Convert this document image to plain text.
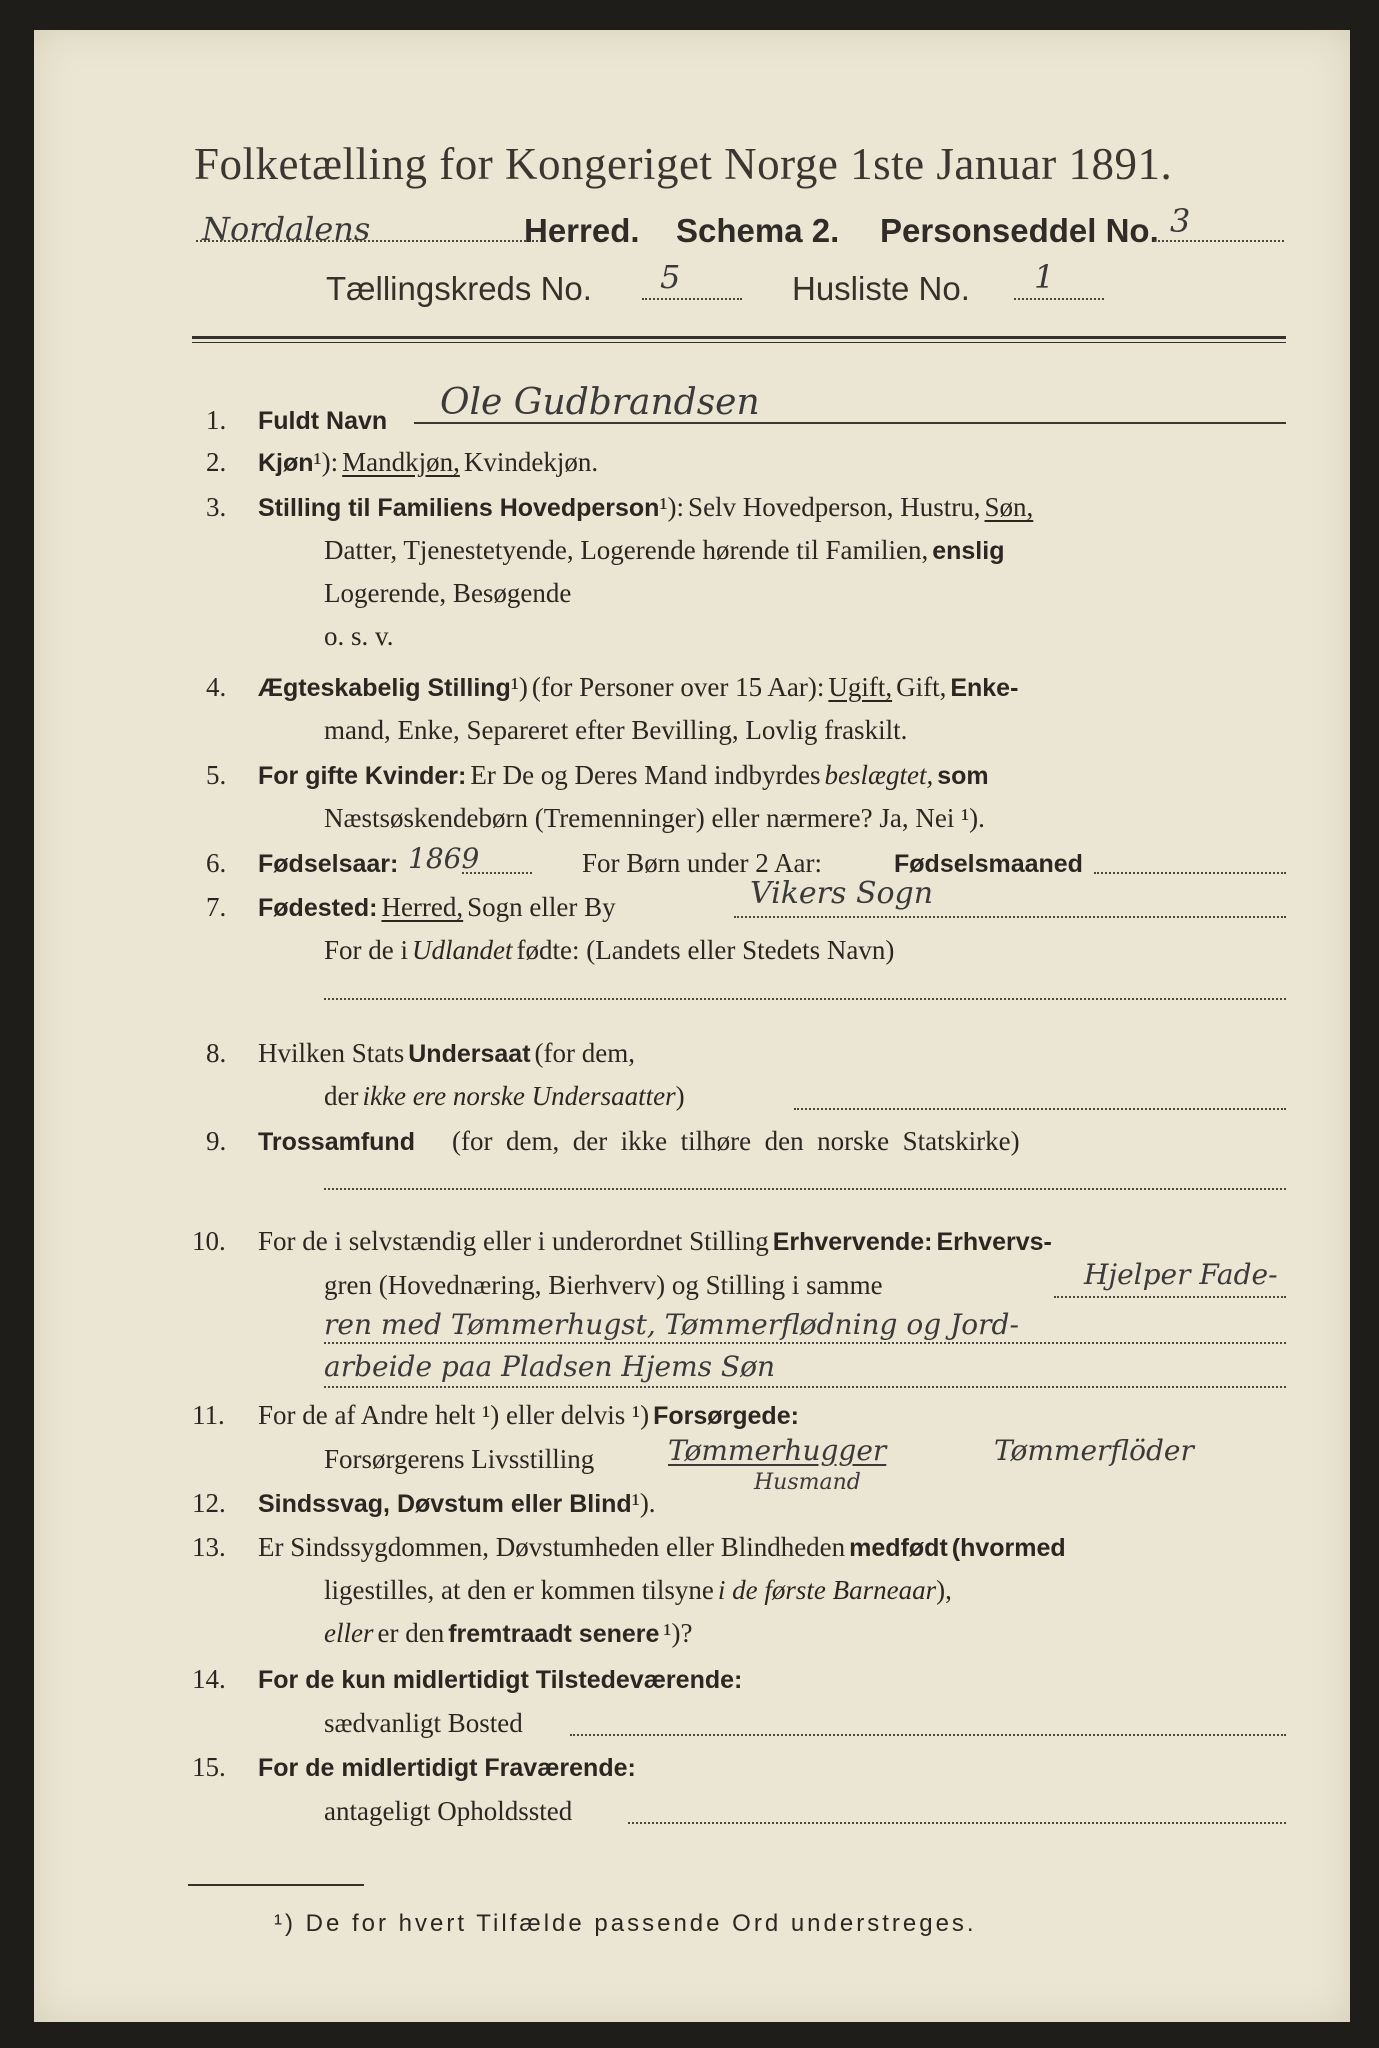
Folketælling for Kongeriget Norge 1ste Januar 1891.
Nordalens	Herred. Schema 2. Personseddel No. 3
Tællingskreds No. 5	Husliste No. 1
1. Fuldt Navn Ole Gudbrandsen
2. Kjøn¹): Mandkjøn, Kvindekjøn.
3. Stilling til Familiens Hovedperson¹): Selv Hovedperson, Hustru, Søn,
Datter, Tjenestetyende, Logerende hørende til Familien, enslig
Logerende, Besøgende
o. s. v.
4. Ægteskabelig Stilling¹) (for Personer over 15 Aar): Ugift, Gift, Enke-
mand, Enke, Separeret efter Bevilling, Lovlig fraskilt.
5. For gifte Kvinder: Er De og Deres Mand indbyrdes beslægtet, som
Næstsøskendebørn (Tremenninger) eller nærmere? Ja, Nei ¹).
6. Fødselsaar: 1869	For Børn under 2 Aar:	Fødselsmaaned
7. Fødested: Herred, Sogn eller By	Vikers Sogn
For de i Udlandet fødte: (Landets eller Stedets Navn)
8. Hvilken Stats Undersaat (for dem,
der ikke ere norske Undersaatter)
9. Trossamfund (for  dem,  der  ikke  tilhøre  den  norske  Statskirke)
10. For de i selvstændig eller i underordnet Stilling Erhvervende: Erhvervs-
gren (Hovednæring, Bierhverv) og Stilling i samme	Hjelper Fade-
ren med Tømmerhugst, Tømmerflødning og Jord-
arbeide paa Pladsen Hjems Søn
11. For de af Andre helt ¹) eller delvis ¹) Forsørgede:
Forsørgerens Livsstilling	Tømmerhugger	Tømmerflöder
Husmand
12. Sindssvag, Døvstum eller Blind¹).
13. Er Sindssygdommen, Døvstumheden eller Blindheden medfødt (hvormed
ligestilles, at den er kommen tilsyne i de første Barneaar),
eller er den fremtraadt senere ¹)?
14. For de kun midlertidigt Tilstedeværende:
sædvanligt Bosted
15. For de midlertidigt Fraværende:
antageligt Opholdssted
¹) De for hvert Tilfælde passende Ord understreges.
